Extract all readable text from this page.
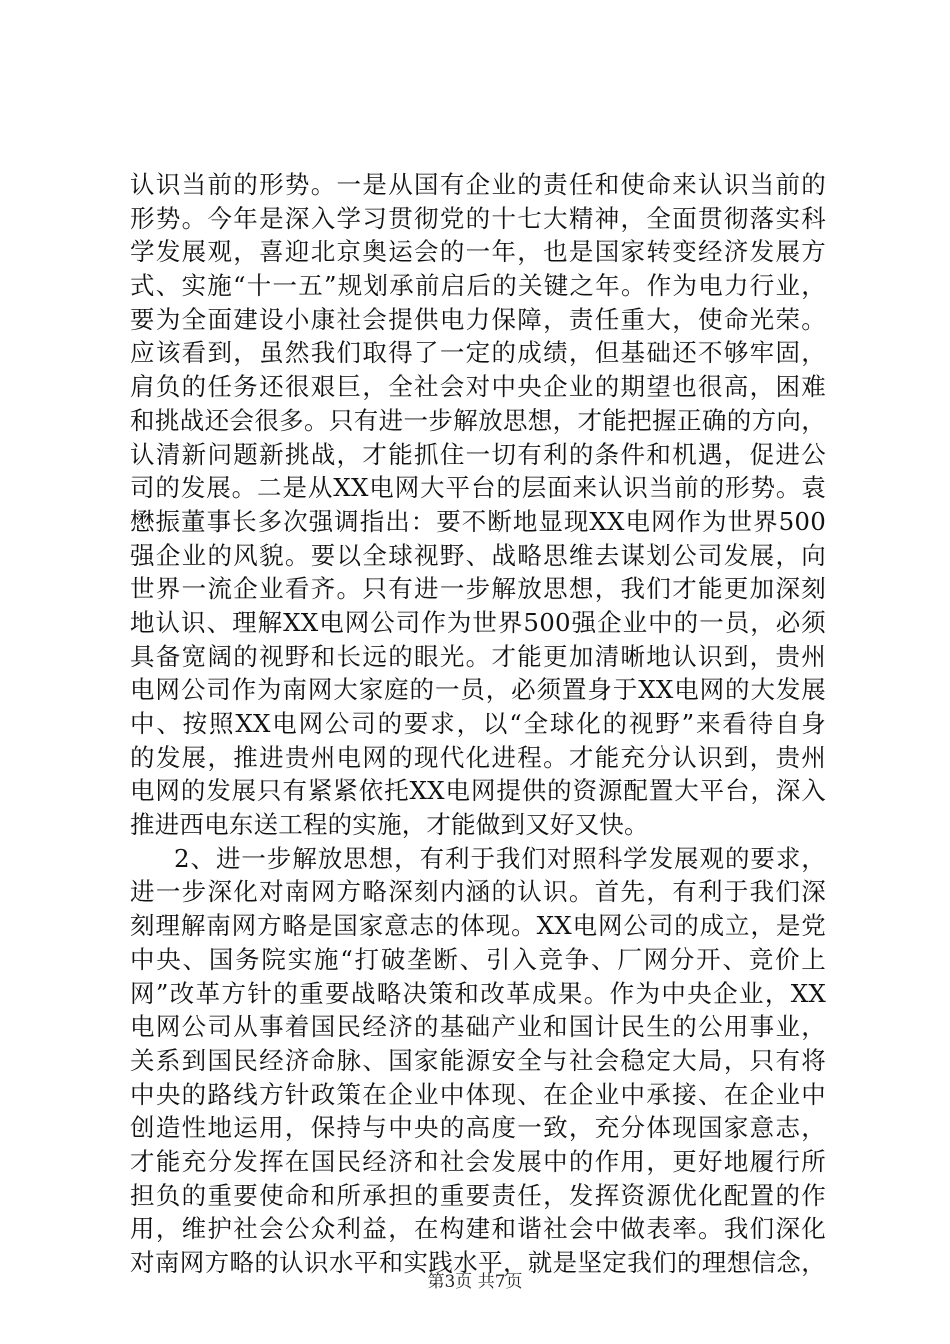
认识当前的形势。一是从国有企业的责任和使命来认识当前的
形势。今年是深入学习贯彻党的十七大精神，全面贯彻落实科
学发展观，喜迎北京奥运会的一年，也是国家转变经济发展方
式、实施“十一五”规划承前启后的关键之年。作为电力行业，
要为全面建设小康社会提供电力保障，责任重大，使命光荣。
应该看到，虽然我们取得了一定的成绩，但基础还不够牢固，
肩负的任务还很艰巨，全社会对中央企业的期望也很高，困难
和挑战还会很多。只有进一步解放思想，才能把握正确的方向，
认清新问题新挑战，才能抓住一切有利的条件和机遇，促进公
司的发展。二是从XX电网大平台的层面来认识当前的形势。袁
懋振董事长多次强调指出：要不断地显现XX电网作为世界500
强企业的风貌。要以全球视野、战略思维去谋划公司发展，向
世界一流企业看齐。只有进一步解放思想，我们才能更加深刻
地认识、理解XX电网公司作为世界500强企业中的一员，必须
具备宽阔的视野和长远的眼光。才能更加清晰地认识到，贵州
电网公司作为南网大家庭的一员，必须置身于XX电网的大发展
中、按照XX电网公司的要求，以“全球化的视野”来看待自身
的发展，推进贵州电网的现代化进程。才能充分认识到，贵州
电网的发展只有紧紧依托XX电网提供的资源配置大平台，深入
推进西电东送工程的实施，才能做到又好又快。
2、进一步解放思想，有利于我们对照科学发展观的要求，
进一步深化对南网方略深刻内涵的认识。首先，有利于我们深
刻理解南网方略是国家意志的体现。XX电网公司的成立，是党
中央、国务院实施“打破垄断、引入竞争、厂网分开、竞价上
网”改革方针的重要战略决策和改革成果。作为中央企业，XX
电网公司从事着国民经济的基础产业和国计民生的公用事业，
关系到国民经济命脉、国家能源安全与社会稳定大局，只有将
中央的路线方针政策在企业中体现、在企业中承接、在企业中
创造性地运用，保持与中央的高度一致，充分体现国家意志，
才能充分发挥在国民经济和社会发展中的作用，更好地履行所
担负的重要使命和所承担的重要责任，发挥资源优化配置的作
用，维护社会公众利益，在构建和谐社会中做表率。我们深化
对南网方略的认识水平和实践水平，就是坚定我们的理想信念，
第3页 共7页
